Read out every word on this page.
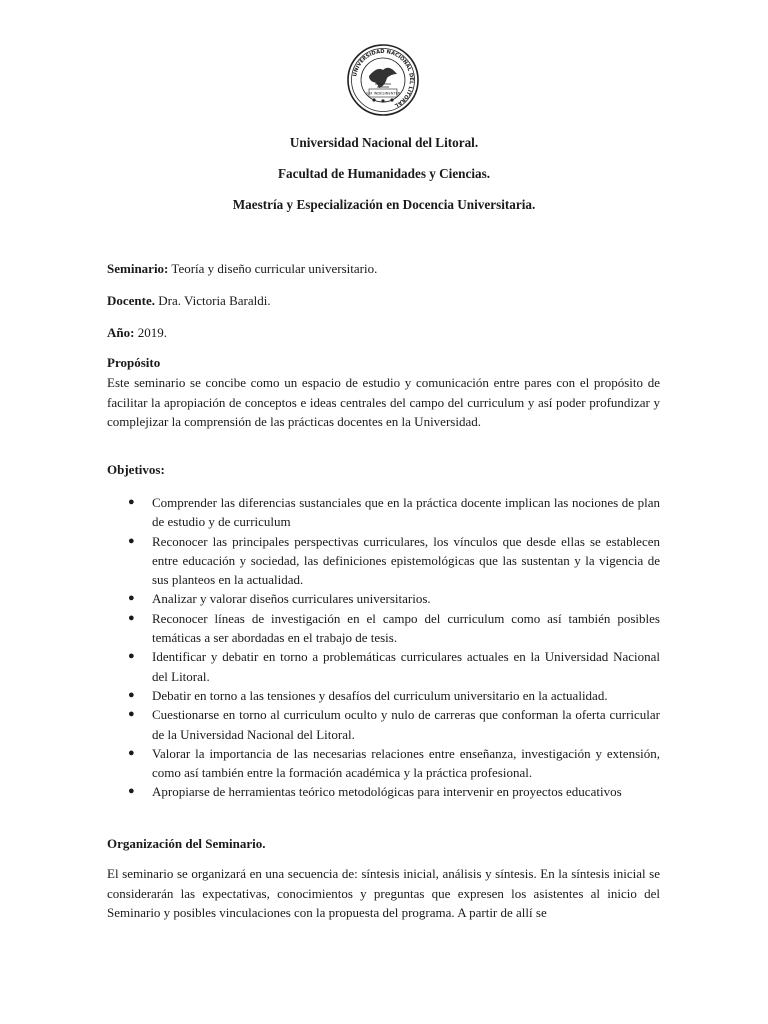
UNIVERSIDAD NACIONAL DEL LITORAL
LUX INDESINENTER
Universidad Nacional del Litoral.
Facultad de Humanidades y Ciencias.
Maestría y Especialización en Docencia Universitaria.
Seminario: Teoría y diseño curricular universitario.
Docente. Dra. Victoria Baraldi.
Año: 2019.
Propósito
Este seminario se concibe como un espacio de estudio y comunicación entre pares con el propósito de facilitar la apropiación de conceptos e ideas centrales del campo del curriculum y así poder profundizar y complejizar la comprensión de las prácticas docentes en la Universidad.
Objetivos:
● Comprender las diferencias sustanciales que en la práctica docente implican las nociones de plan de estudio y de curriculum
● Reconocer las principales perspectivas curriculares, los vínculos que desde ellas se establecen entre educación y sociedad, las definiciones epistemológicas que las sustentan y la vigencia de sus planteos en la actualidad.
● Analizar y valorar diseños curriculares universitarios.
● Reconocer líneas de investigación en el campo del curriculum como así también posibles temáticas a ser abordadas en el trabajo de tesis.
● Identificar y debatir en torno a problemáticas curriculares actuales en la Universidad Nacional del Litoral.
● Debatir en torno a las tensiones y desafíos del curriculum universitario en la actualidad.
● Cuestionarse en torno al curriculum oculto y nulo de carreras que conforman la oferta curricular de la Universidad Nacional del Litoral.
● Valorar la importancia de las necesarias relaciones entre enseñanza, investigación y extensión, como así también entre la formación académica y la práctica profesional.
● Apropiarse de herramientas teórico metodológicas para intervenir en proyectos educativos
Organización del Seminario.
El seminario se organizará en una secuencia de: síntesis inicial, análisis y síntesis. En la síntesis inicial se considerarán las expectativas, conocimientos y preguntas que expresen los asistentes al inicio del Seminario y posibles vinculaciones con la propuesta del programa. A partir de allí se
